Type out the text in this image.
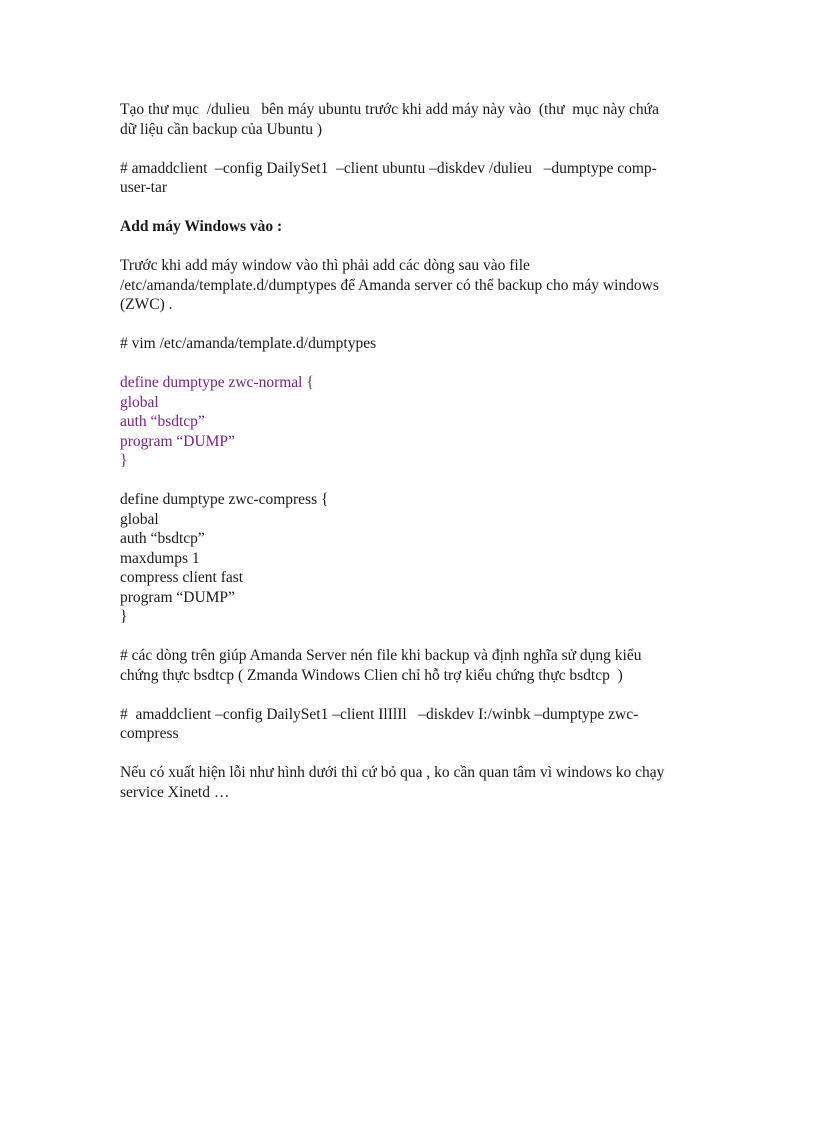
Tạo thư mục  /dulieu   bên máy ubuntu trước khi add máy này vào  (thư  mục này chứa
dữ liệu cần backup của Ubuntu )
# amaddclient  –config DailySet1  –client ubuntu –diskdev /dulieu   –dumptype comp-
user-tar
Add máy Windows vào :
Trước khi add máy window vào thì phải add các dòng sau vào file
/etc/amanda/template.d/dumptypes để Amanda server có thể backup cho máy windows
(ZWC) .
# vim /etc/amanda/template.d/dumptypes
define dumptype zwc-normal {
global
auth “bsdtcp”
program “DUMP”
}
define dumptype zwc-compress {
global
auth “bsdtcp”
maxdumps 1
compress client fast
program “DUMP”
}
# các dòng trên giúp Amanda Server nén file khi backup và định nghĩa sử dụng kiểu
chứng thực bsdtcp ( Zmanda Windows Clien chỉ hỗ trợ kiểu chứng thực bsdtcp  )
#  amaddclient –config DailySet1 –client IlIlIl   –diskdev I:/winbk –dumptype zwc-
compress
Nếu có xuất hiện lỗi như hình dưới thì cứ bỏ qua , ko cần quan tâm vì windows ko chạy
service Xinetd …
